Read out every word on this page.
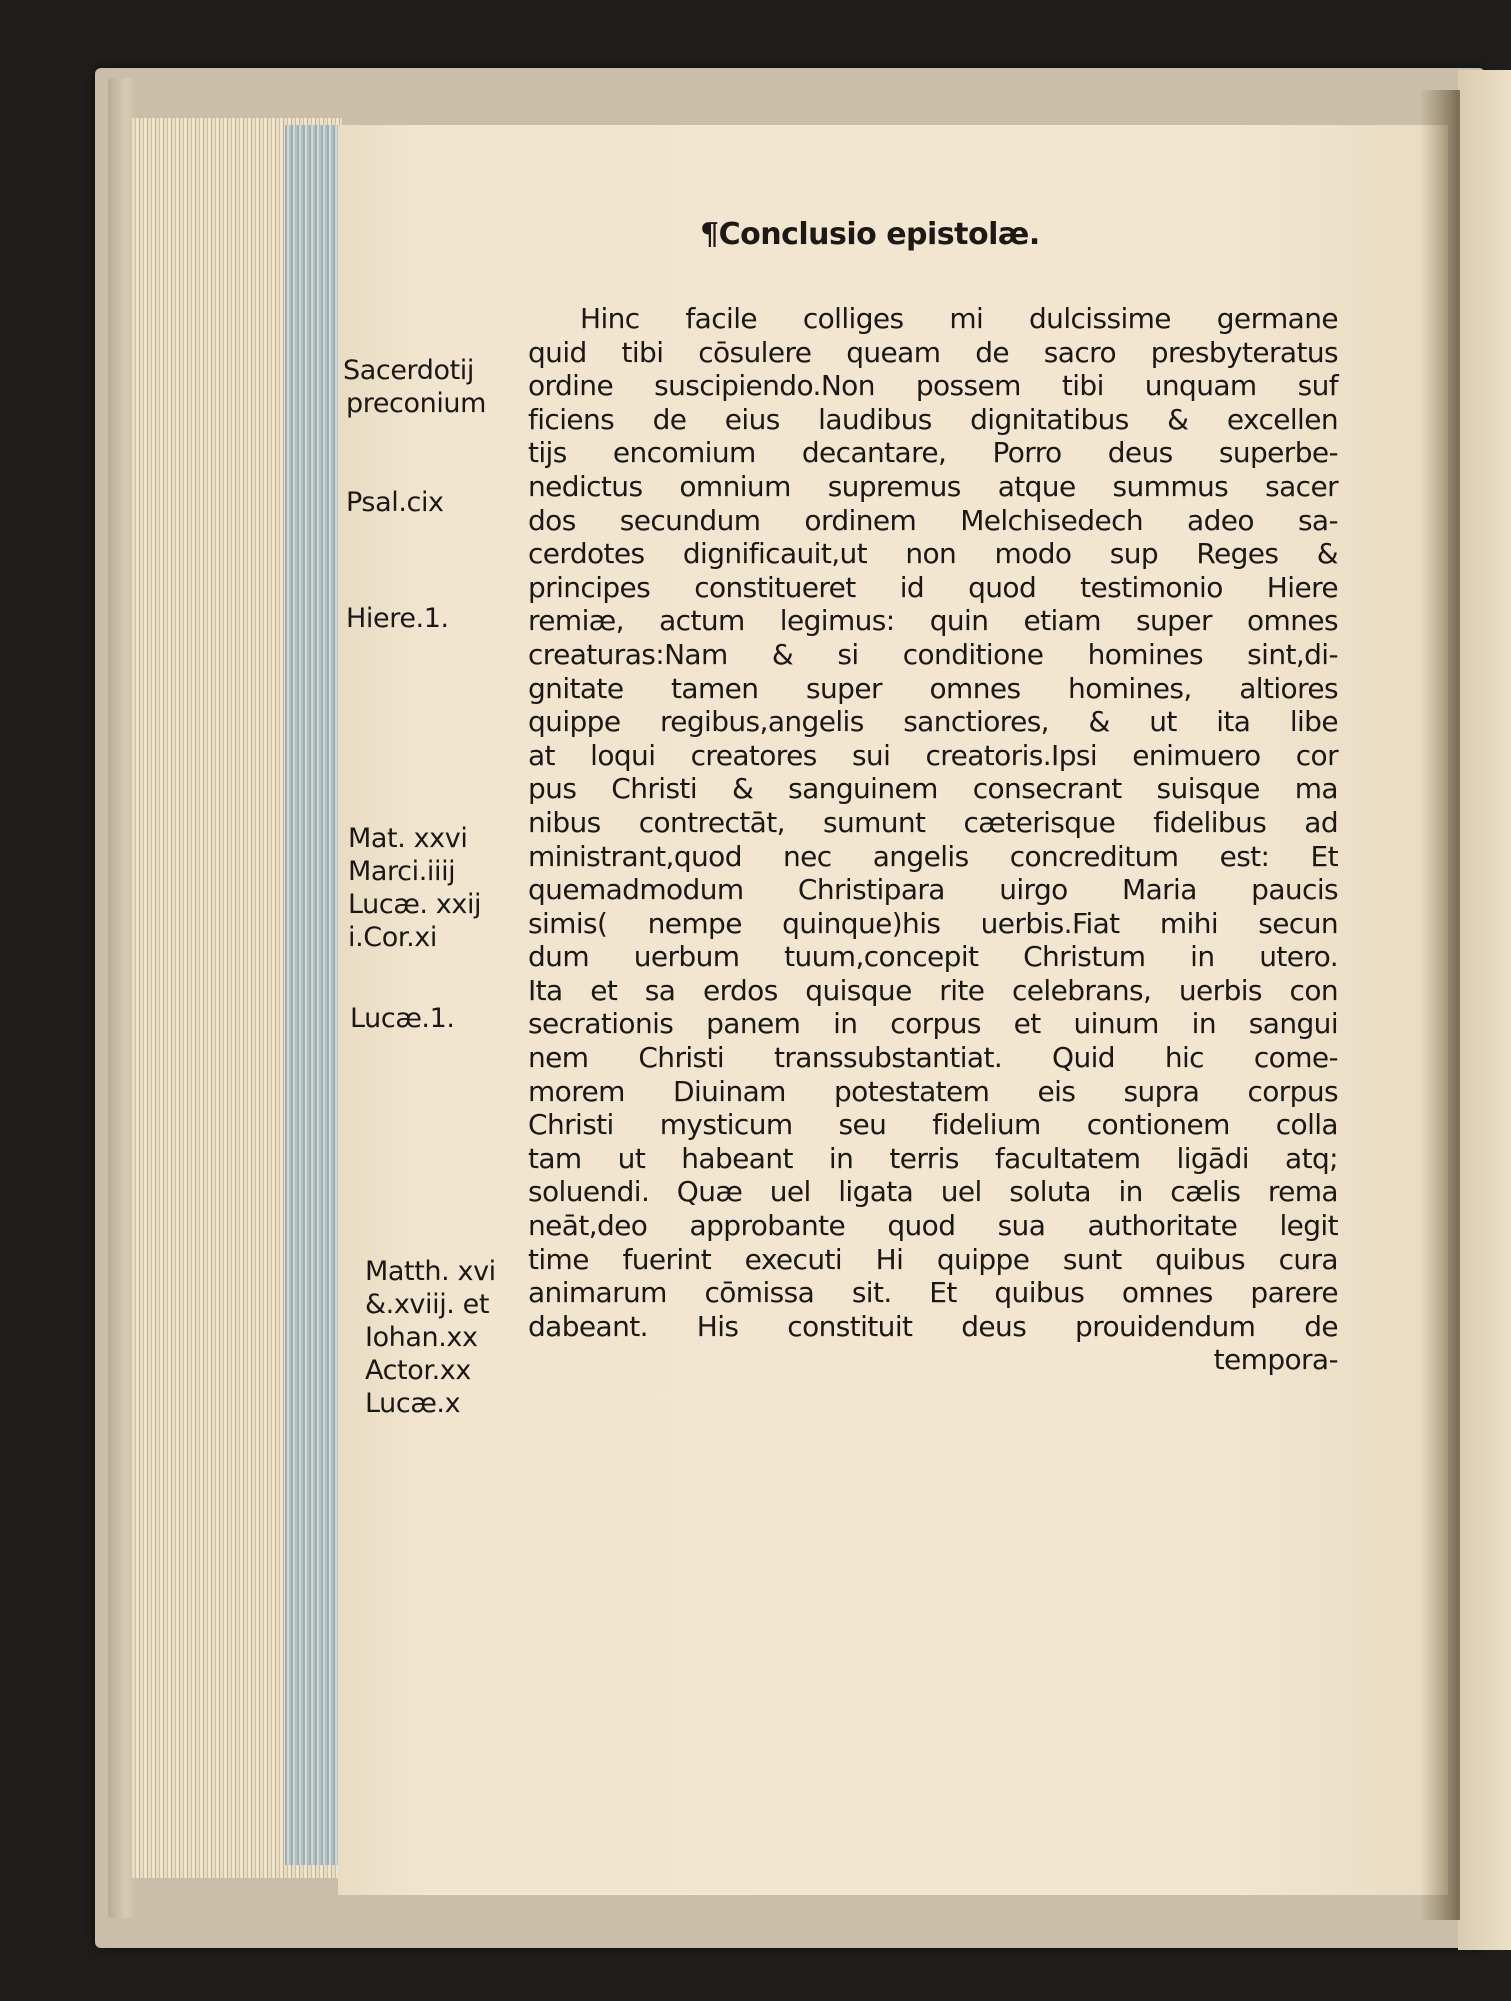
¶Conclusio epistolæ.
Hinc facile colliges mi dulcissime germane
quid tibi cōsulere queam de sacro presbyteratus
ordine suscipiendo.Non possem tibi unquam suf
ficiens de eius laudibus dignitatibus & excellen
tijs encomium decantare, Porro deus superbe-
nedictus omnium supremus atque summus sacer
dos secundum ordinem Melchisedech adeo sa-
cerdotes dignificauit,ut non modo sup Reges &
principes constitueret id quod testimonio Hiere
remiæ, actum legimus: quin etiam super omnes
creaturas:Nam & si conditione homines sint,di-
gnitate tamen super omnes homines, altiores
quippe regibus,angelis sanctiores, & ut ita libe
at loqui creatores sui creatoris.Ipsi enimuero cor
pus Christi & sanguinem consecrant suisque ma
nibus contrectāt, sumunt cæterisque fidelibus ad
ministrant,quod nec angelis concreditum est: Et
quemadmodum Christipara uirgo Maria paucis
simis( nempe quinque)his uerbis.Fiat mihi secun
dum uerbum tuum,concepit Christum in utero.
Ita et sa erdos quisque rite celebrans, uerbis con
secrationis panem in corpus et uinum in sangui
nem Christi transsubstantiat. Quid hic come-
morem Diuinam potestatem eis supra corpus
Christi mysticum seu fidelium contionem colla
tam ut habeant in terris facultatem ligādi atq;
soluendi. Quæ uel ligata uel soluta in cælis rema
neāt,deo approbante quod sua authoritate legit
time fuerint executi Hi quippe sunt quibus cura
animarum cōmissa sit. Et quibus omnes parere
dabeant. His constituit deus prouidendum de
tempora-
Sacerdotij
preconium
Psal.cix
Hiere.1.
Mat. xxvi
Marci.iiij
Lucæ. xxij
i.Cor.xi
Lucæ.1.
Matth. xvi
&.xviij. et
Iohan.xx
Actor.xx
Lucæ.x
